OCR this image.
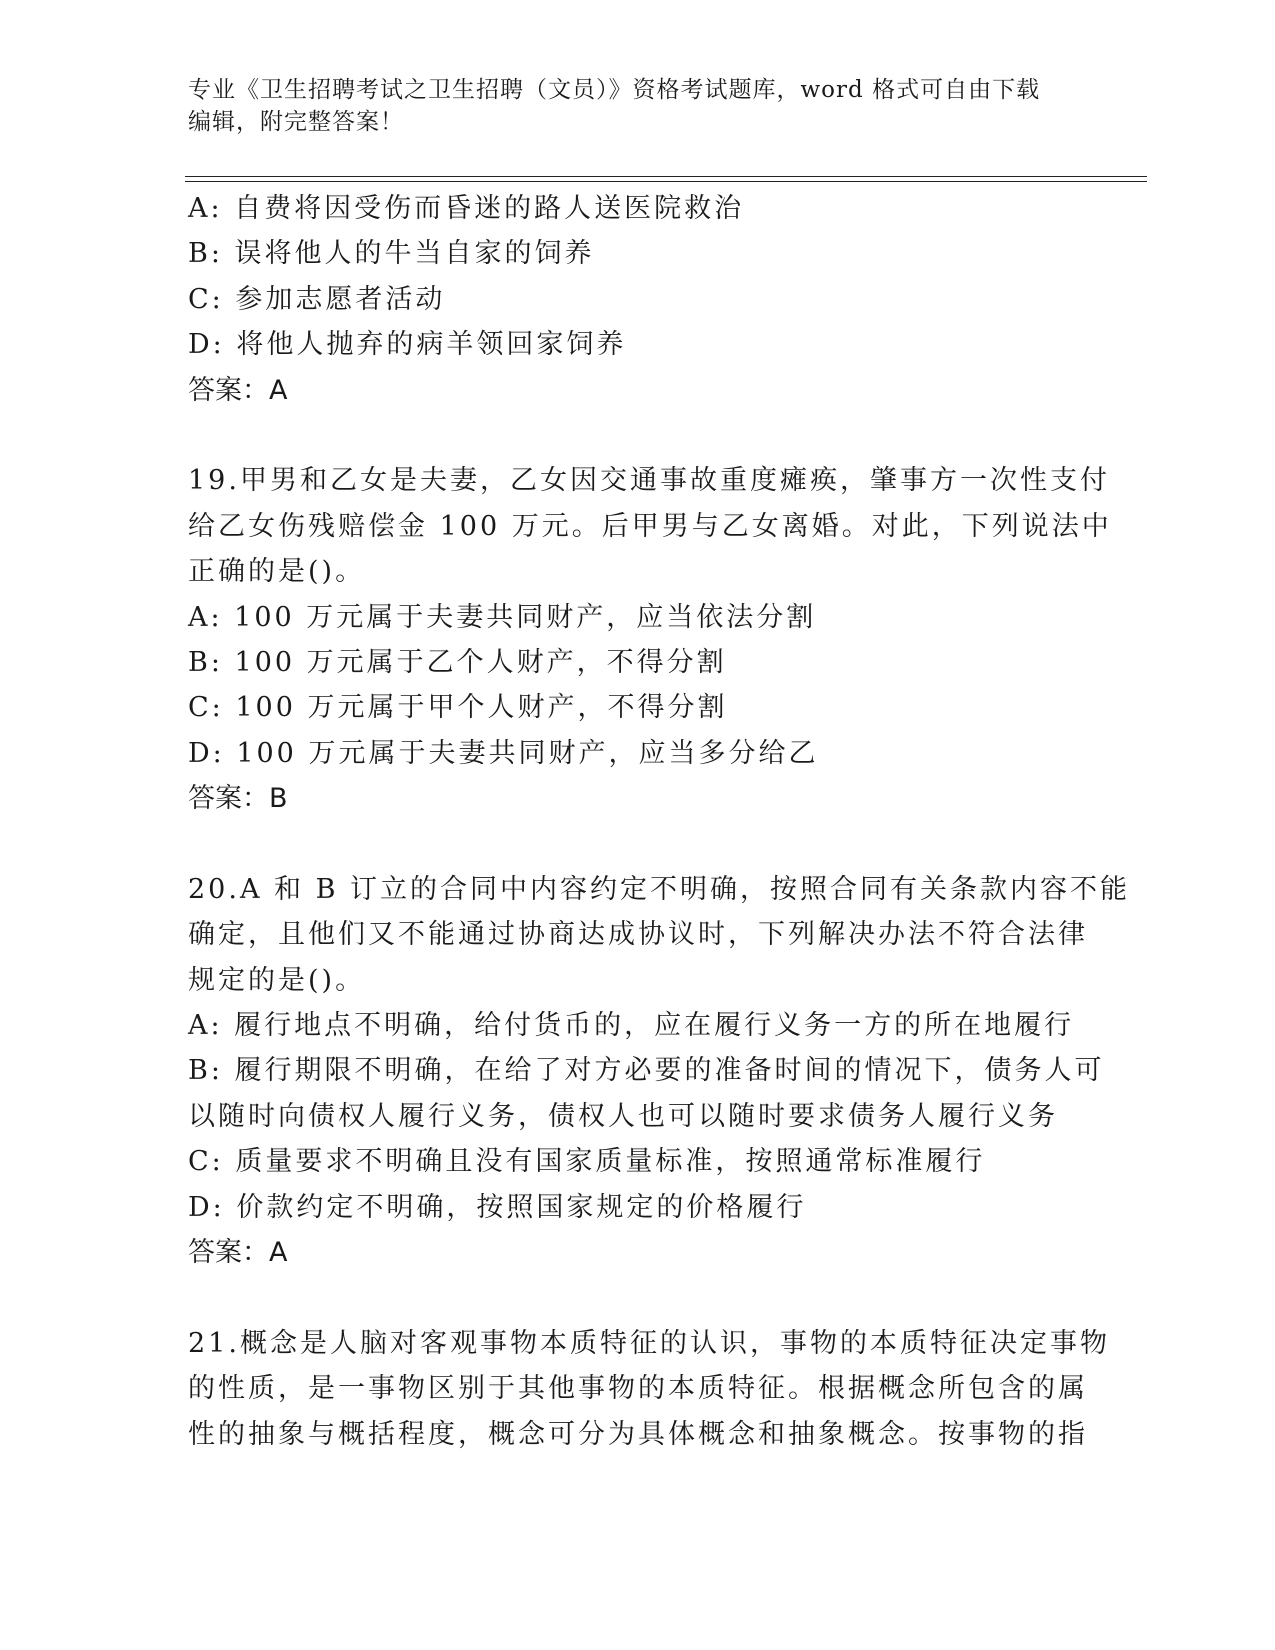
专业《卫生招聘考试之卫生招聘（文员）》资格考试题库，word 格式可自由下载
编辑，附完整答案！
A: 自费将因受伤而昏迷的路人送医院救治
B: 误将他人的牛当自家的饲养
C: 参加志愿者活动
D: 将他人抛弃的病羊领回家饲养
答案：A
19.甲男和乙女是夫妻，乙女因交通事故重度瘫痪，肇事方一次性支付
给乙女伤残赔偿金 100 万元。后甲男与乙女离婚。对此，下列说法中
正确的是()。
A: 100 万元属于夫妻共同财产，应当依法分割
B: 100 万元属于乙个人财产，不得分割
C: 100 万元属于甲个人财产，不得分割
D: 100 万元属于夫妻共同财产，应当多分给乙
答案：B
20.A 和 B 订立的合同中内容约定不明确，按照合同有关条款内容不能
确定，且他们又不能通过协商达成协议时，下列解决办法不符合法律
规定的是()。
A: 履行地点不明确，给付货币的，应在履行义务一方的所在地履行
B: 履行期限不明确，在给了对方必要的准备时间的情况下，债务人可
以随时向债权人履行义务，债权人也可以随时要求债务人履行义务
C: 质量要求不明确且没有国家质量标准，按照通常标准履行
D: 价款约定不明确，按照国家规定的价格履行
答案：A
21.概念是人脑对客观事物本质特征的认识，事物的本质特征决定事物
的性质，是一事物区别于其他事物的本质特征。根据概念所包含的属
性的抽象与概括程度，概念可分为具体概念和抽象概念。按事物的指
